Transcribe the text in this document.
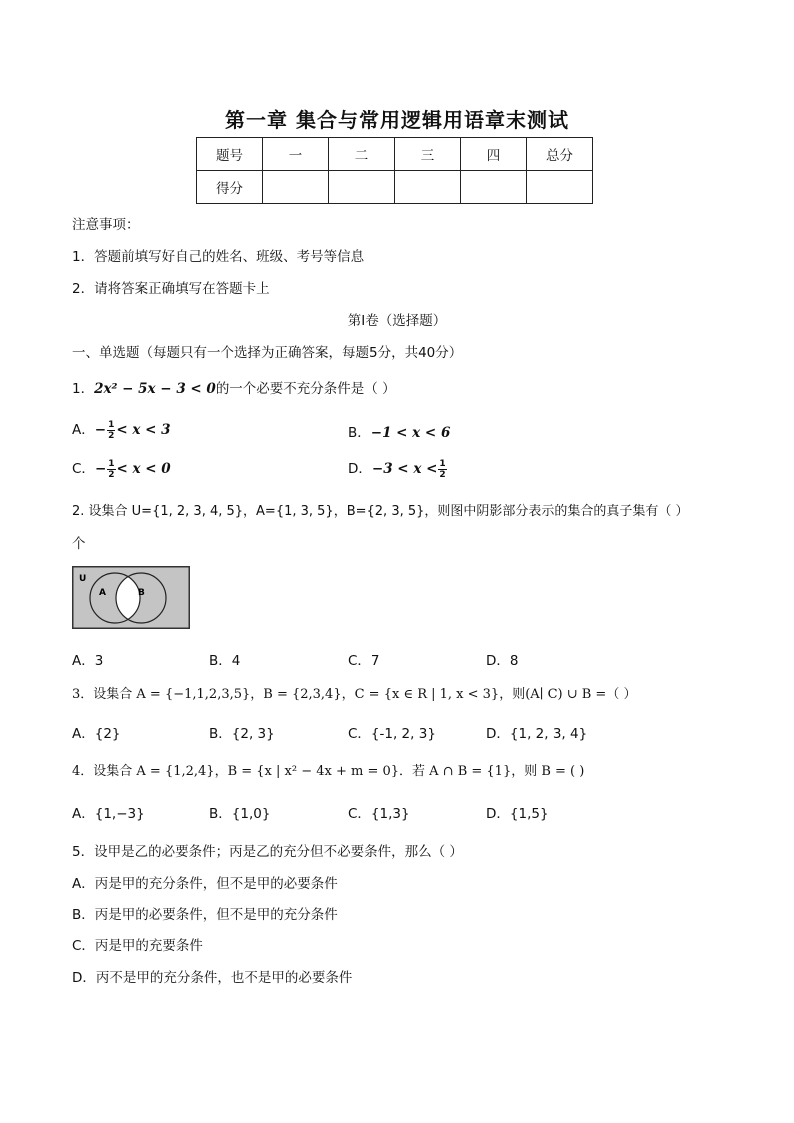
第一章 集合与常用逻辑用语章末测试
题号	一	二	三	四	总分
得分					
注意事项：
1．答题前填写好自己的姓名、班级、考号等信息
2．请将答案正确填写在答题卡上
第I卷（选择题）
一、单选题（每题只有一个选择为正确答案，每题5分，共40分）
1．2x² − 5x − 3 < 0的一个必要不充分条件是（ ）
A．− $\frac{1}{2} < x < 3$	B．−1 < x < 6
C．− $\frac{1}{2} < x < 0$	D．$-3 < x < \frac{1}{2}$
2. 设集合 U={1, 2, 3, 4, 5}，A={1, 3, 5}，B={2, 3, 5}，则图中阴影部分表示的集合的真子集有（ ）
个
U
A	B
A．3	B．4	C．7	D．8
3．设集合 A = {−1,1,2,3,5}，B = {2,3,4}，C = {x ∈ R | 1, x < 3}，则(A∣ C) ∪ B =（ ）
A．{2}	B．{2, 3}	C．{-1, 2, 3}	D．{1, 2, 3, 4}
4．设集合 A = {1,2,4}，B = {x | x² − 4x + m = 0}．若 A ∩ B = {1}，则 B = ( )
A．{1,−3}	B．{1,0}	C．{1,3}	D．{1,5}
5．设甲是乙的必要条件；丙是乙的充分但不必要条件，那么（ ）
A．丙是甲的充分条件，但不是甲的必要条件
B．丙是甲的必要条件，但不是甲的充分条件
C．丙是甲的充要条件
D．丙不是甲的充分条件，也不是甲的必要条件
